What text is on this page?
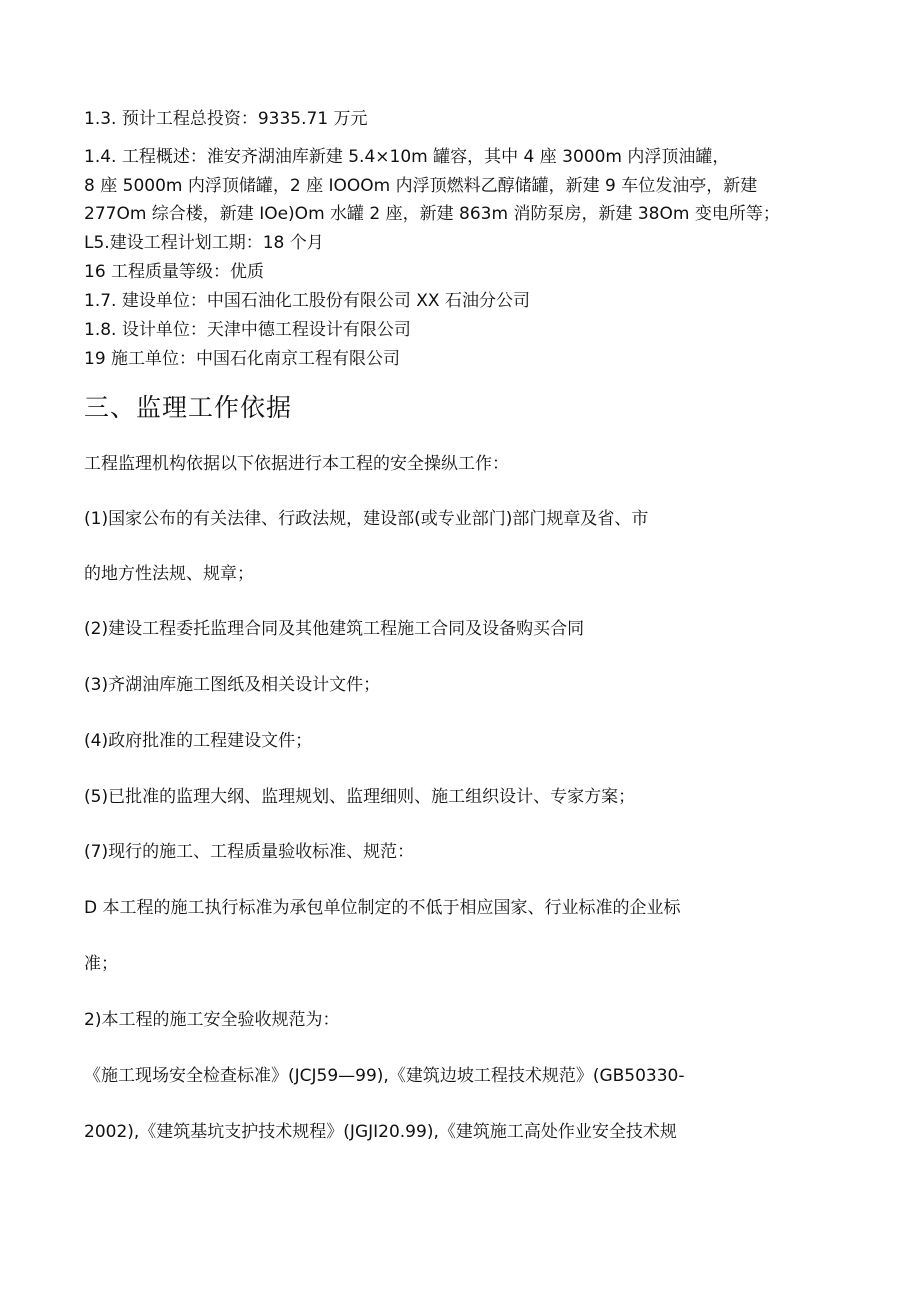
1.3. 预计工程总投资：9335.71 万元
1.4. 工程概述：淮安齐湖油库新建 5.4×10m 罐容，其中 4 座 3000m 内浮顶油罐，
8 座 5000m 内浮顶储罐，2 座 IOOOm 内浮顶燃料乙醇储罐，新建 9 车位发油亭，新建
277Om 综合楼，新建 IOe)Om 水罐 2 座，新建 863m 消防泵房，新建 38Om 变电所等；
L5.建设工程计划工期：18 个月
16 工程质量等级：优质
1.7. 建设单位：中国石油化工股份有限公司 XX 石油分公司
1.8. 设计单位：天津中德工程设计有限公司
19 施工单位：中国石化南京工程有限公司
三、监理工作依据
工程监理机构依据以下依据进行本工程的安全操纵工作：
(1)国家公布的有关法律、行政法规，建设部(或专业部门)部门规章及省、市
的地方性法规、规章；
(2)建设工程委托监理合同及其他建筑工程施工合同及设备购买合同
(3)齐湖油库施工图纸及相关设计文件；
(4)政府批准的工程建设文件；
(5)已批准的监理大纲、监理规划、监理细则、施工组织设计、专家方案；
(7)现行的施工、工程质量验收标准、规范：
D 本工程的施工执行标准为承包单位制定的不低于相应国家、行业标准的企业标
准；
2)本工程的施工安全验收规范为：
《施工现场安全检查标准》(JCJ59—99),《建筑边坡工程技术规范》(GB50330-
2002),《建筑基坑支护技术规程》(JGJI20.99),《建筑施工高处作业安全技术规
